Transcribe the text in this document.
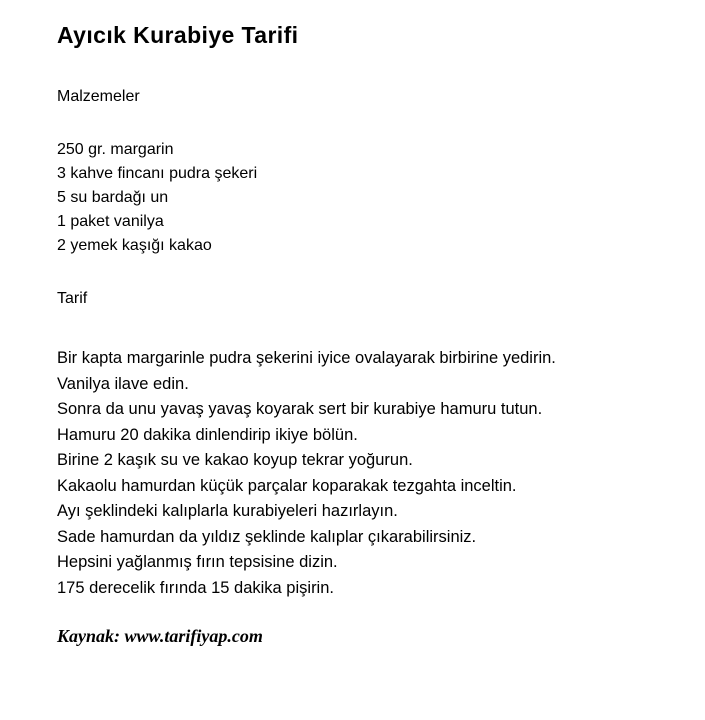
Ayıcık Kurabiye Tarifi

Malzemeler

250 gr. margarin
3 kahve fincanı pudra şekeri
5 su bardağı un
1 paket vanilya
2 yemek kaşığı kakao

Tarif

Bir kapta margarinle pudra şekerini iyice ovalayarak birbirine yedirin.
Vanilya ilave edin.
Sonra da unu yavaş yavaş koyarak sert bir kurabiye hamuru tutun.
Hamuru 20 dakika dinlendirip ikiye bölün.
Birine 2 kaşık su ve kakao koyup tekrar yoğurun.
Kakaolu hamurdan küçük parçalar koparakak tezgahta inceltin.
Ayı şeklindeki kalıplarla kurabiyeleri hazırlayın.
Sade hamurdan da yıldız şeklinde kalıplar çıkarabilirsiniz.
Hepsini yağlanmış fırın tepsisine dizin.
175 derecelik fırında 15 dakika pişirin.

Kaynak: www.tarifiyap.com
